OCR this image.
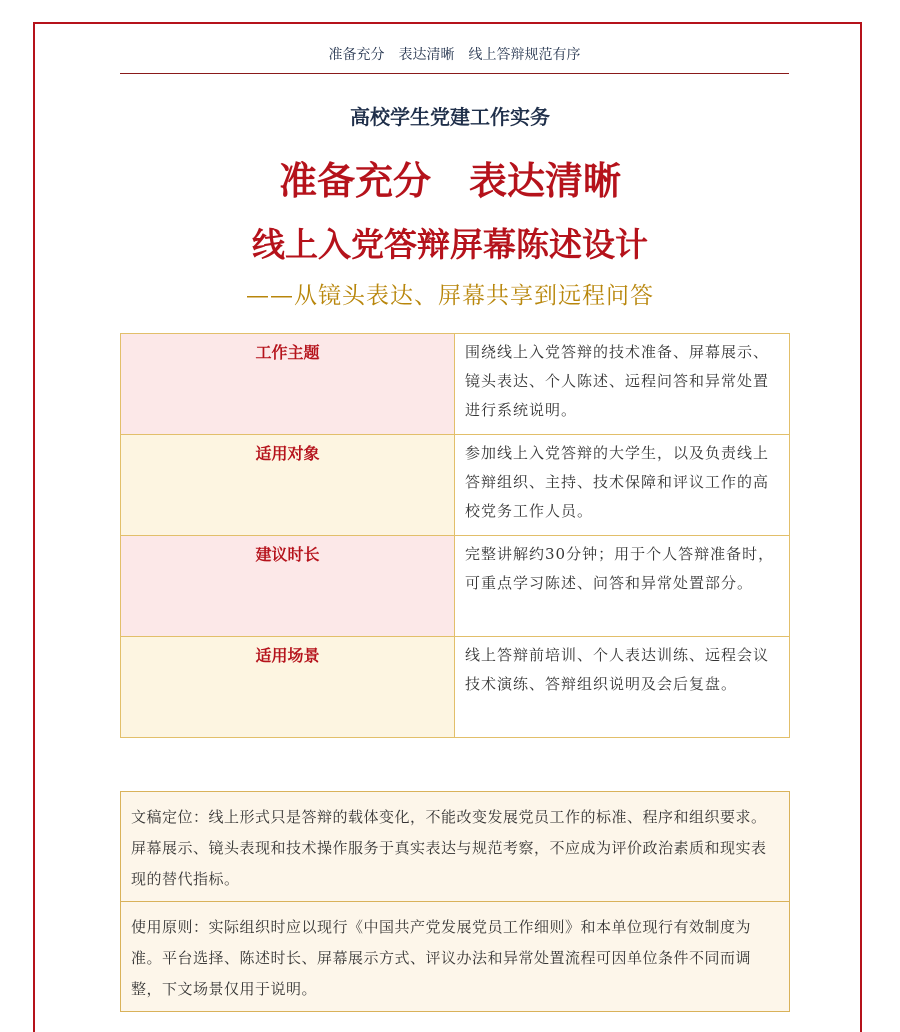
准备充分　表达清晰　线上答辩规范有序
高校学生党建工作实务
准备充分　表达清晰
线上入党答辩屏幕陈述设计
——从镜头表达、屏幕共享到远程问答
工作主题	围绕线上入党答辩的技术准备、屏幕展示、镜头表达、个人陈述、远程问答和异常处置进行系统说明。
适用对象	参加线上入党答辩的大学生，以及负责线上答辩组织、主持、技术保障和评议工作的高校党务工作人员。
建议时长	完整讲解约30分钟；用于个人答辩准备时，可重点学习陈述、问答和异常处置部分。
适用场景	线上答辩前培训、个人表达训练、远程会议技术演练、答辩组织说明及会后复盘。
文稿定位：线上形式只是答辩的载体变化，不能改变发展党员工作的标准、程序和组织要求。屏幕展示、镜头表现和技术操作服务于真实表达与规范考察，不应成为评价政治素质和现实表现的替代指标。
使用原则：实际组织时应以现行《中国共产党发展党员工作细则》和本单位现行有效制度为准。平台选择、陈述时长、屏幕展示方式、评议办法和异常处置流程可因单位条件不同而调整，下文场景仅用于说明。
